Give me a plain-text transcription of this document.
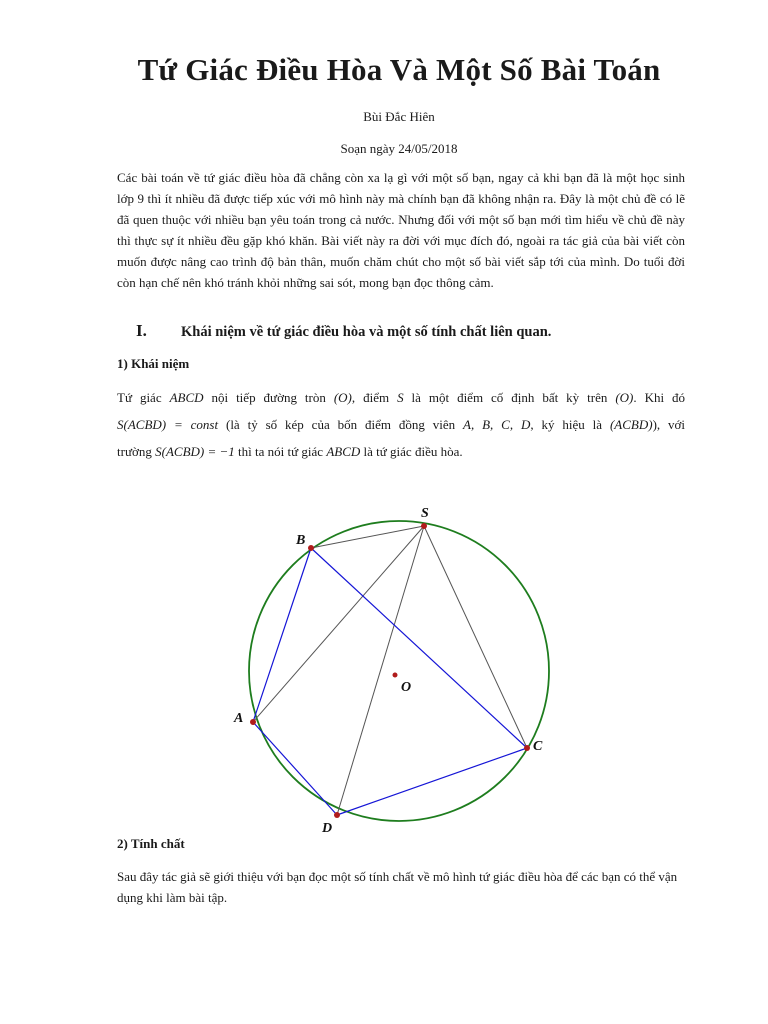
Tứ Giác Điều Hòa Và Một Số Bài Toán
Bùi Đắc Hiên
Soạn ngày 24/05/2018
Các bài toán về tứ giác điều hòa đã chẳng còn xa lạ gì với một số bạn, ngay cả khi bạn đã là một học sinh lớp 9 thì ít nhiều đã được tiếp xúc với mô hình này mà chính bạn đã không nhận ra. Đây là một chủ đề có lẽ đã quen thuộc với nhiều bạn yêu toán trong cả nước. Nhưng đối với một số bạn mới tìm hiểu về chủ đề này thì thực sự ít nhiều đều gặp khó khăn. Bài viết này ra đời với mục đích đó, ngoài ra tác giả của bài viết còn muốn được nâng cao trình độ bản thân, muốn chăm chút cho một số bài viết sắp tới của mình. Do tuổi đời còn hạn chế nên khó tránh khỏi những sai sót, mong bạn đọc thông cảm.
I.	Khái niệm về tứ giác điều hòa và một số tính chất liên quan.
1) Khái niệm
Tứ giác ABCD nội tiếp đường tròn (O), điểm S là một điểm cố định bất kỳ trên (O). Khi đó
S(ACBD) = const (là tỷ số kép của bốn điểm đồng viên A, B, C, D, ký hiệu là (ACBD)), với
trường S(ACBD) = −1 thì ta nói tứ giác ABCD là tứ giác điều hòa.
S
B
O
A
C
D
2) Tính chất
Sau đây tác giả sẽ giới thiệu với bạn đọc một số tính chất về mô hình tứ giác điều hòa để các bạn có thể vận dụng khi làm bài tập.
